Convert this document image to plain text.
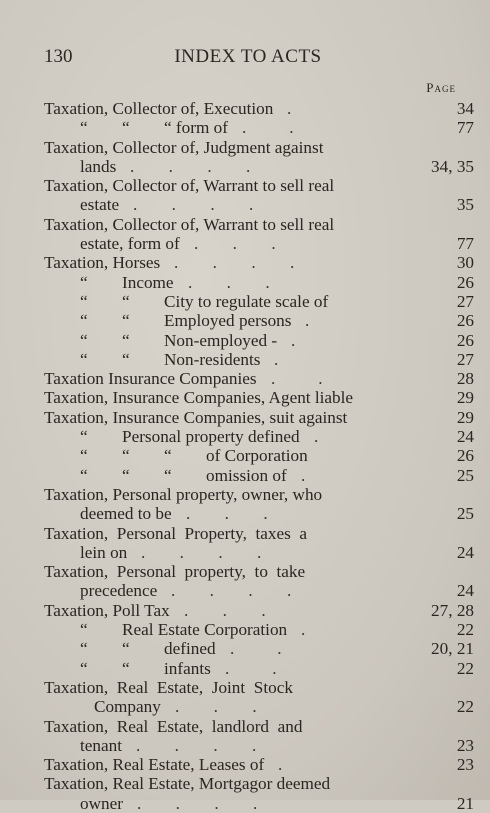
130	INDEX TO ACTS
Page
Taxation, Collector of, Execution .	34
“        “        “ form of .          .	77
Taxation, Collector of, Judgment against
lands .        .        .        .	34, 35
Taxation, Collector of, Warrant to sell real
estate .        .        .        .	35
Taxation, Collector of, Warrant to sell real
estate, form of .        .        .	77
Taxation, Horses .        .        .        .	30
“        Income .        .        .	26
“        “        City to regulate scale of	27
“        “        Employed persons .	26
“        “        Non-employed - .	26
“        “        Non-residents .	27
Taxation Insurance Companies .          .	28
Taxation, Insurance Companies, Agent liable	29
Taxation, Insurance Companies, suit against	29
“        Personal property defined .	24
“        “        “        of Corporation	26
“        “        “        omission of .	25
Taxation, Personal property, owner, who
deemed to be .        .        .	25
Taxation,  Personal  Property,  taxes  a
lein on .        .        .        .	24
Taxation,  Personal  property,  to  take
precedence .        .        .        .	24
Taxation, Poll Tax .        .        .	27, 28
“        Real Estate Corporation .	22
“        “        defined .          .	20, 21
“        “        infants .          .	22
Taxation,  Real  Estate,  Joint  Stock
Company .        .        .	22
Taxation,  Real  Estate,  landlord  and
tenant .        .        .        .	23
Taxation, Real Estate, Leases of .	23
Taxation, Real Estate, Mortgagor deemed
owner .        .        .        .	21
